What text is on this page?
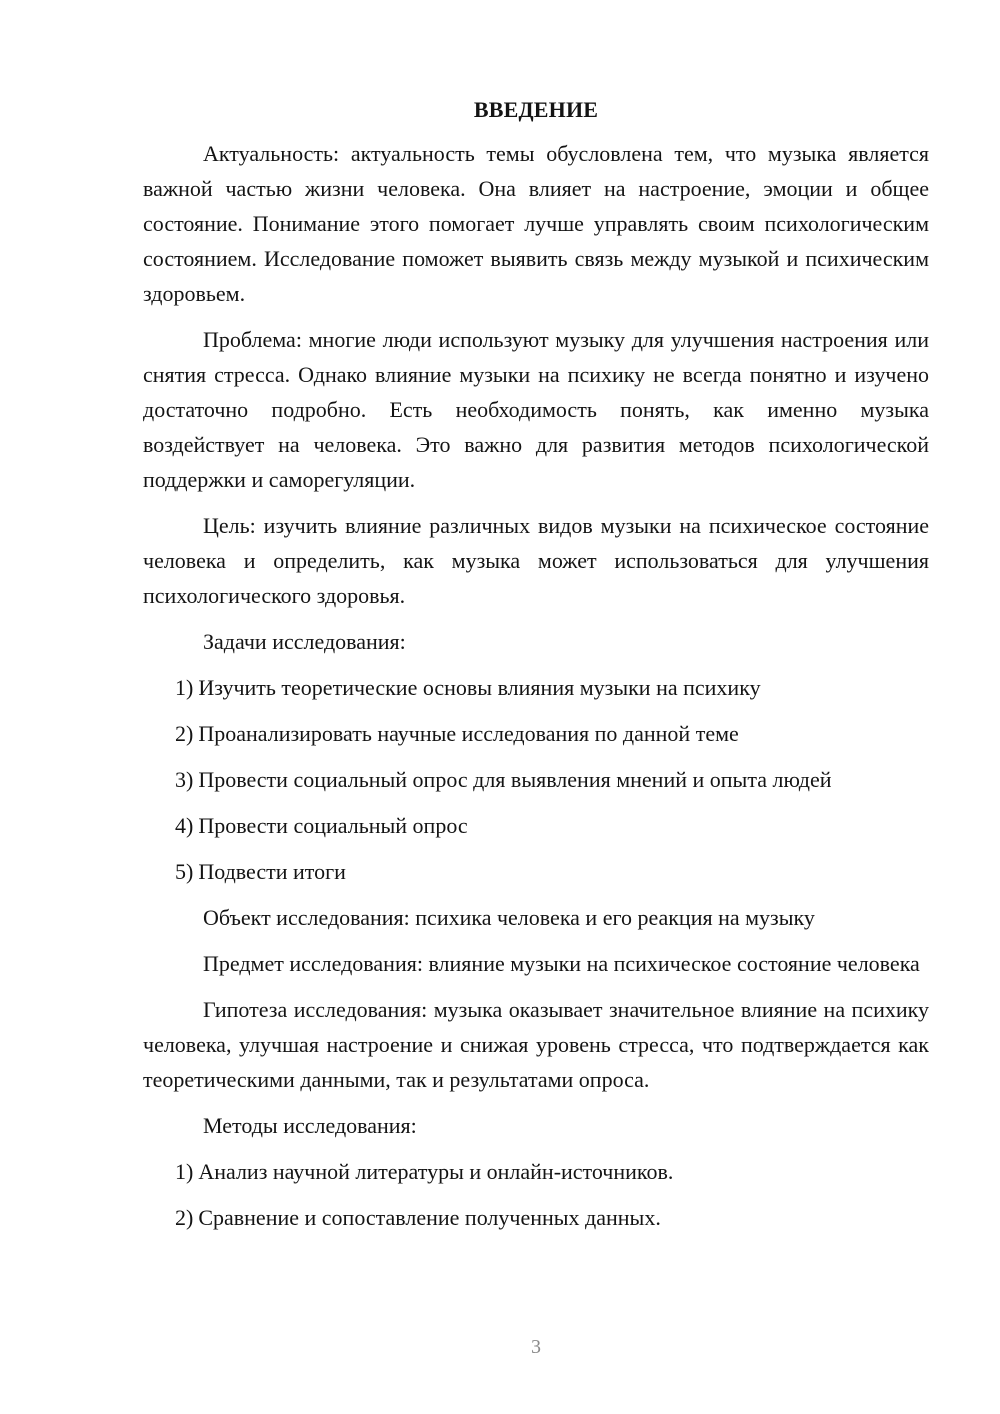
ВВЕДЕНИЕ

Актуальность: актуальность темы обусловлена тем, что музыка является важной частью жизни человека. Она влияет на настроение, эмоции и общее состояние. Понимание этого помогает лучше управлять своим психологическим состоянием. Исследование поможет выявить связь между музыкой и психическим здоровьем.

Проблема: многие люди используют музыку для улучшения настроения или снятия стресса. Однако влияние музыки на психику не всегда понятно и изучено достаточно подробно. Есть необходимость понять, как именно музыка воздействует на человека. Это важно для развития методов психологической поддержки и саморегуляции.

Цель: изучить влияние различных видов музыки на психическое состояние человека и определить, как музыка может использоваться для улучшения психологического здоровья.

Задачи исследования:

1) Изучить теоретические основы влияния музыки на психику
2) Проанализировать научные исследования по данной теме
3) Провести социальный опрос для выявления мнений и опыта людей
4) Провести социальный опрос
5) Подвести итоги

Объект исследования: психика человека и его реакция на музыку

Предмет исследования: влияние музыки на психическое состояние человека

Гипотеза исследования: музыка оказывает значительное влияние на психику человека, улучшая настроение и снижая уровень стресса, что подтверждается как теоретическими данными, так и результатами опроса.

Методы исследования:

1) Анализ научной литературы и онлайн-источников.
2) Сравнение и сопоставление полученных данных.
3
